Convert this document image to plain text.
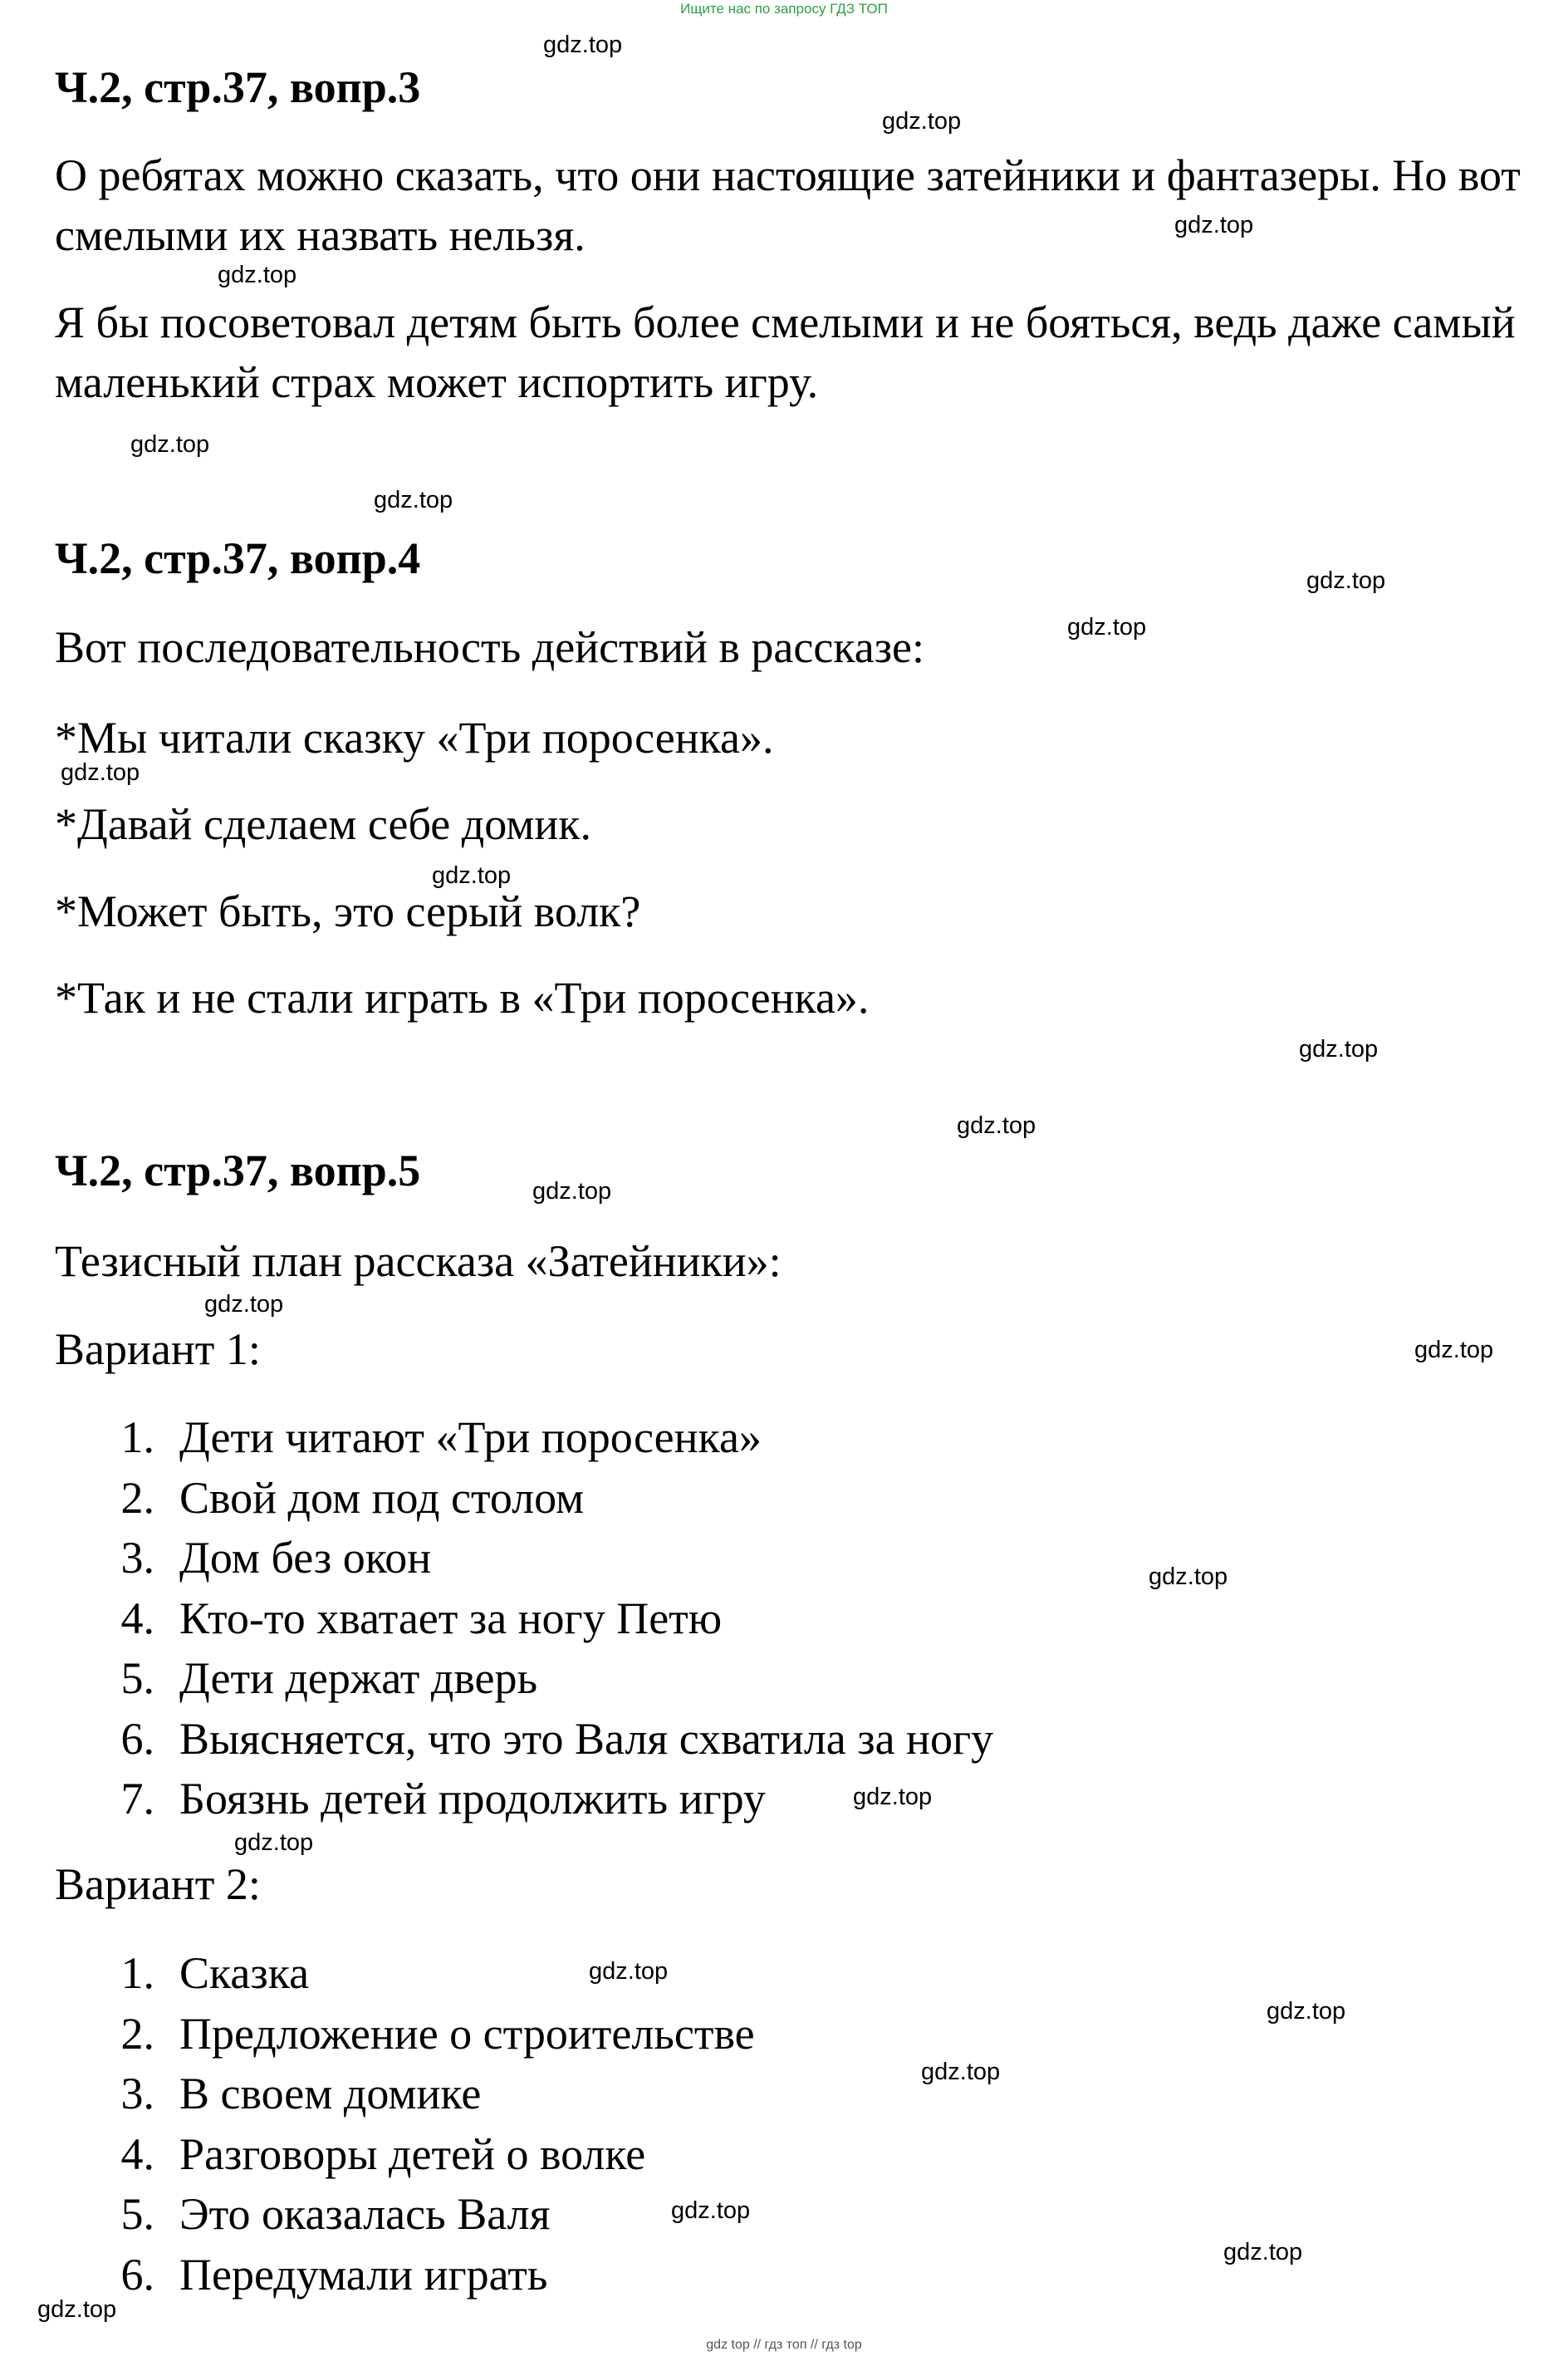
Ищите нас по запросу ГДЗ ТОП
Ч.2, стр.37, вопр.3
О ребятах можно сказать, что они настоящие затейники и фантазеры. Но вот смелыми их назвать нельзя.
Я бы посоветовал детям быть более смелыми и не бояться, ведь даже самый маленький страх может испортить игру.
Ч.2, стр.37, вопр.4
Вот последовательность действий в рассказе:
*Мы читали сказку «Три поросенка».
*Давай сделаем себе домик.
*Может быть, это серый волк?
*Так и не стали играть в «Три поросенка».
Ч.2, стр.37, вопр.5
Тезисный план рассказа «Затейники»:
Вариант 1:
1. Дети читают «Три поросенка»
2. Свой дом под столом
3. Дом без окон
4. Кто-то хватает за ногу Петю
5. Дети держат дверь
6. Выясняется, что это Валя схватила за ногу
7. Боязнь детей продолжить игру
Вариант 2:
1. Сказка
2. Предложение о строительстве
3. В своем домике
4. Разговоры детей о волке
5. Это оказалась Валя
6. Передумали играть
gdz.top
gdz.top
gdz.top
gdz.top
gdz.top
gdz.top
gdz.top
gdz.top
gdz.top
gdz.top
gdz.top
gdz.top
gdz.top
gdz.top
gdz.top
gdz.top
gdz.top
gdz.top
gdz.top
gdz.top
gdz.top
gdz.top
gdz.top
gdz.top
gdz top // гдз топ // гдз top
